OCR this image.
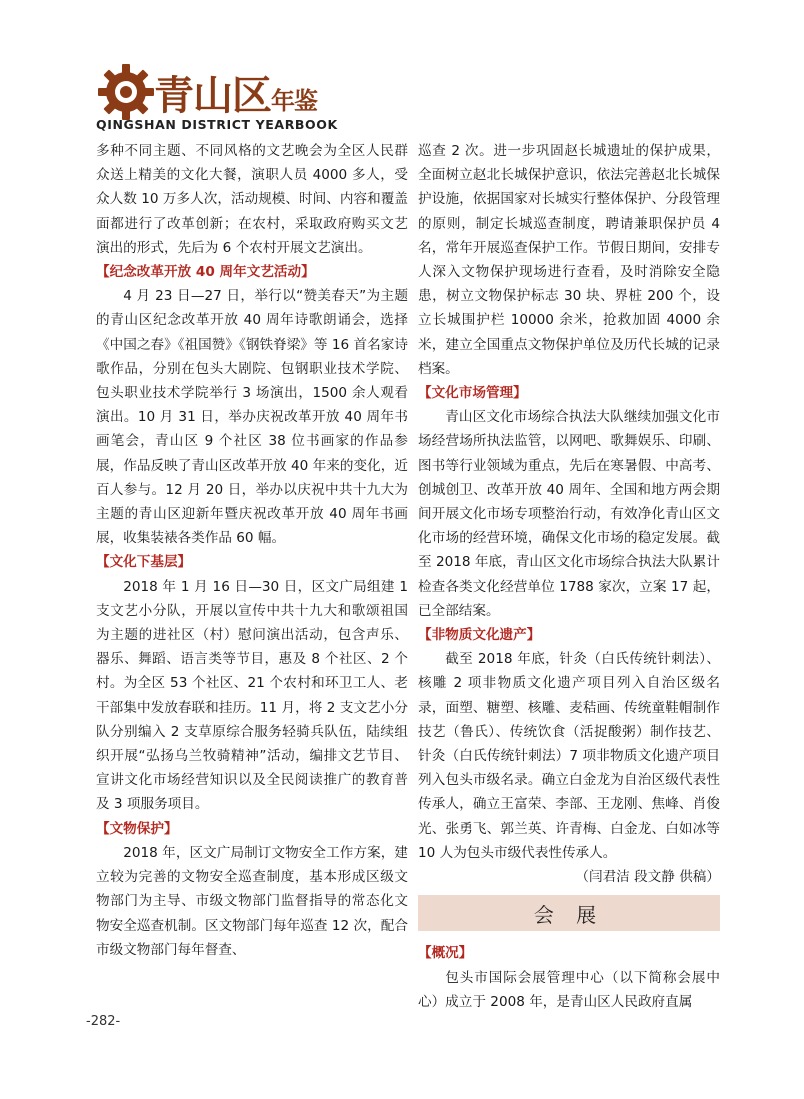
青山区年鉴
QINGSHAN DISTRICT YEARBOOK

多种不同主题、不同风格的文艺晚会为全区人民群众送上精美的文化大餐，演职人员 4000 多人，受众人数 10 万多人次，活动规模、时间、内容和覆盖面都进行了改革创新；在农村，采取政府购买文艺演出的形式，先后为 6 个农村开展文艺演出。

【纪念改革开放 40 周年文艺活动】

4 月 23 日—27 日，举行以“赞美春天”为主题的青山区纪念改革开放 40 周年诗歌朗诵会，选择《中国之春》《祖国赞》《钢铁脊梁》等 16 首名家诗歌作品，分别在包头大剧院、包钢职业技术学院、包头职业技术学院举行 3 场演出，1500 余人观看演出。10 月 31 日，举办庆祝改革开放 40 周年书画笔会，青山区 9 个社区 38 位书画家的作品参展，作品反映了青山区改革开放 40 年来的变化，近百人参与。12 月 20 日，举办以庆祝中共十九大为主题的青山区迎新年暨庆祝改革开放 40 周年书画展，收集装裱各类作品 60 幅。

【文化下基层】

2018 年 1 月 16 日—30 日，区文广局组建 1 支文艺小分队，开展以宣传中共十九大和歌颂祖国为主题的进社区（村）慰问演出活动，包含声乐、器乐、舞蹈、语言类等节目，惠及 8 个社区、2 个村。为全区 53 个社区、21 个农村和环卫工人、老干部集中发放春联和挂历。11 月，将 2 支文艺小分队分别编入 2 支草原综合服务轻骑兵队伍，陆续组织开展“弘扬乌兰牧骑精神”活动，编排文艺节目、宣讲文化市场经营知识以及全民阅读推广的教育普及 3 项服务项目。

【文物保护】

2018 年，区文广局制订文物安全工作方案，建立较为完善的文物安全巡查制度，基本形成区级文物部门为主导、市级文物部门监督指导的常态化文物安全巡查机制。区文物部门每年巡查 12 次，配合市级文物部门每年督查、

巡查 2 次。进一步巩固赵长城遗址的保护成果，全面树立赵北长城保护意识，依法完善赵北长城保护设施，依据国家对长城实行整体保护、分段管理的原则，制定长城巡查制度，聘请兼职保护员 4 名，常年开展巡查保护工作。节假日期间，安排专人深入文物保护现场进行查看，及时消除安全隐患，树立文物保护标志 30 块、界桩 200 个，设立长城围护栏 10000 余米，抢救加固 4000 余米，建立全国重点文物保护单位及历代长城的记录档案。

【文化市场管理】

青山区文化市场综合执法大队继续加强文化市场经营场所执法监管，以网吧、歌舞娱乐、印刷、图书等行业领域为重点，先后在寒暑假、中高考、创城创卫、改革开放 40 周年、全国和地方两会期间开展文化市场专项整治行动，有效净化青山区文化市场的经营环境，确保文化市场的稳定发展。截至 2018 年底，青山区文化市场综合执法大队累计检查各类文化经营单位 1788 家次，立案 17 起，已全部结案。

【非物质文化遗产】

截至 2018 年底，针灸（白氏传统针刺法）、核雕 2 项非物质文化遗产项目列入自治区级名录，面塑、糖塑、核雕、麦秸画、传统童鞋帽制作技艺（鲁氏）、传统饮食（活捉酸粥）制作技艺、针灸（白氏传统针刺法）7 项非物质文化遗产项目列入包头市级名录。确立白金龙为自治区级代表性传承人，确立王富荣、李部、王龙刚、焦峰、肖俊光、张勇飞、郭兰英、许青梅、白金龙、白如冰等 10 人为包头市级代表性传承人。

（闫君洁 段文静 供稿）

会 展

【概况】

包头市国际会展管理中心（以下简称会展中心）成立于 2008 年，是青山区人民政府直属

-282-
